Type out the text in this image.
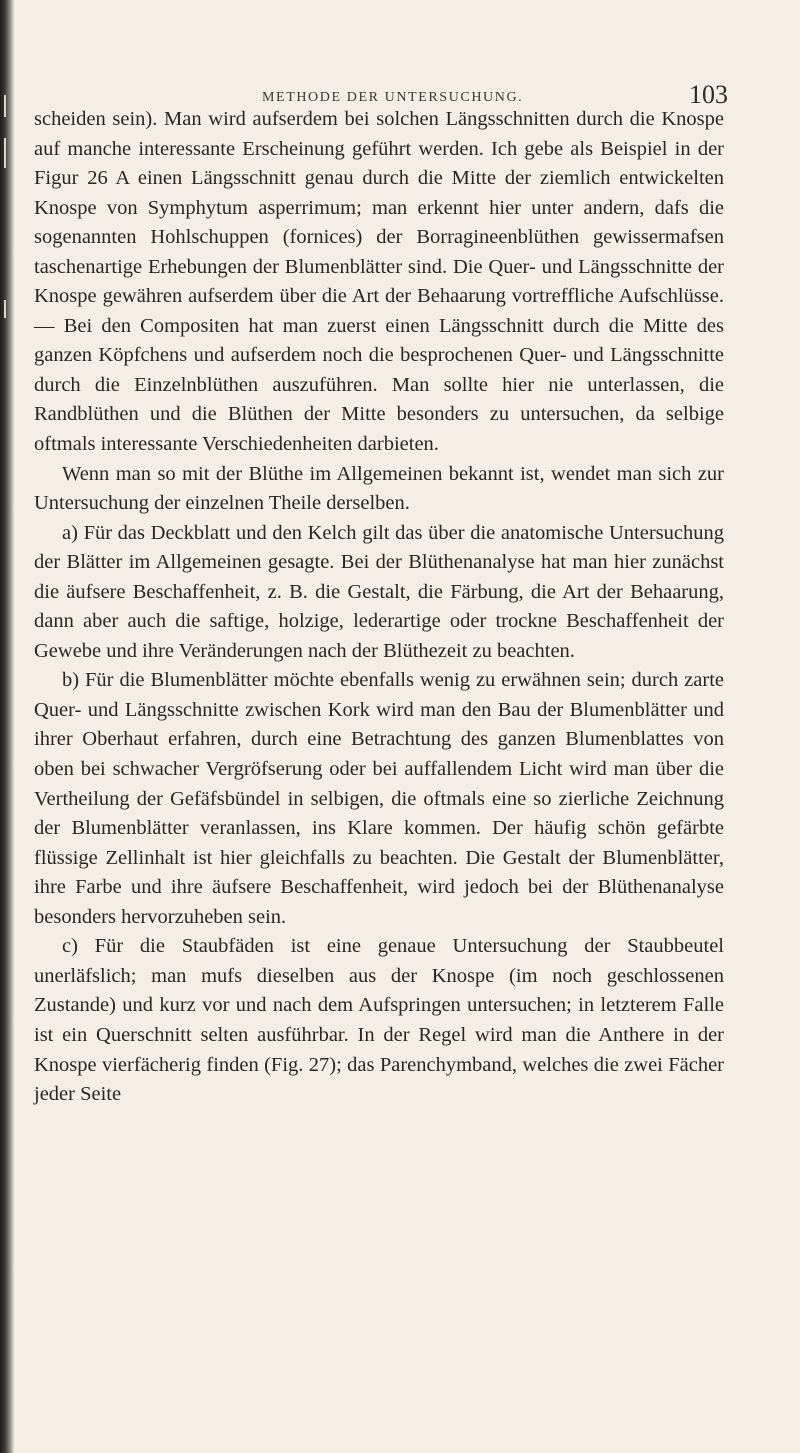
METHODE DER UNTERSUCHUNG.	103

scheiden sein). Man wird aufserdem bei solchen Längsschnitten durch die Knospe auf manche interessante Erscheinung geführt werden. Ich gebe als Beispiel in der Figur 26 A einen Längsschnitt genau durch die Mitte der ziemlich entwickelten Knospe von Symphytum asperrimum; man erkennt hier unter andern, dafs die sogenannten Hohlschuppen (fornices) der Borragineenblüthen gewissermafsen taschenartige Erhebungen der Blumenblätter sind. Die Quer- und Längsschnitte der Knospe gewähren aufserdem über die Art der Behaarung vortreffliche Aufschlüsse. — Bei den Compositen hat man zuerst einen Längsschnitt durch die Mitte des ganzen Köpfchens und aufserdem noch die besprochenen Quer- und Längsschnitte durch die Einzelnblüthen auszuführen. Man sollte hier nie unterlassen, die Randblüthen und die Blüthen der Mitte besonders zu untersuchen, da selbige oftmals interessante Verschiedenheiten darbieten.

Wenn man so mit der Blüthe im Allgemeinen bekannt ist, wendet man sich zur Untersuchung der einzelnen Theile derselben.

a) Für das Deckblatt und den Kelch gilt das über die anatomische Untersuchung der Blätter im Allgemeinen gesagte. Bei der Blüthenanalyse hat man hier zunächst die äufsere Beschaffenheit, z. B. die Gestalt, die Färbung, die Art der Behaarung, dann aber auch die saftige, holzige, lederartige oder trockne Beschaffenheit der Gewebe und ihre Veränderungen nach der Blüthezeit zu beachten.

b) Für die Blumenblätter möchte ebenfalls wenig zu erwähnen sein; durch zarte Quer- und Längsschnitte zwischen Kork wird man den Bau der Blumenblätter und ihrer Oberhaut erfahren, durch eine Betrachtung des ganzen Blumenblattes von oben bei schwacher Vergröfserung oder bei auffallendem Licht wird man über die Vertheilung der Gefäfsbündel in selbigen, die oftmals eine so zierliche Zeichnung der Blumenblätter veranlassen, ins Klare kommen. Der häufig schön gefärbte flüssige Zellinhalt ist hier gleichfalls zu beachten. Die Gestalt der Blumenblätter, ihre Farbe und ihre äufsere Beschaffenheit, wird jedoch bei der Blüthenanalyse besonders hervorzuheben sein.

c) Für die Staubfäden ist eine genaue Untersuchung der Staubbeutel unerläfslich; man mufs dieselben aus der Knospe (im noch geschlossenen Zustande) und kurz vor und nach dem Aufspringen untersuchen; in letzterem Falle ist ein Querschnitt selten ausführbar. In der Regel wird man die Anthere in der Knospe vierfächerig finden (Fig. 27); das Parenchymband, welches die zwei Fächer jeder Seite
